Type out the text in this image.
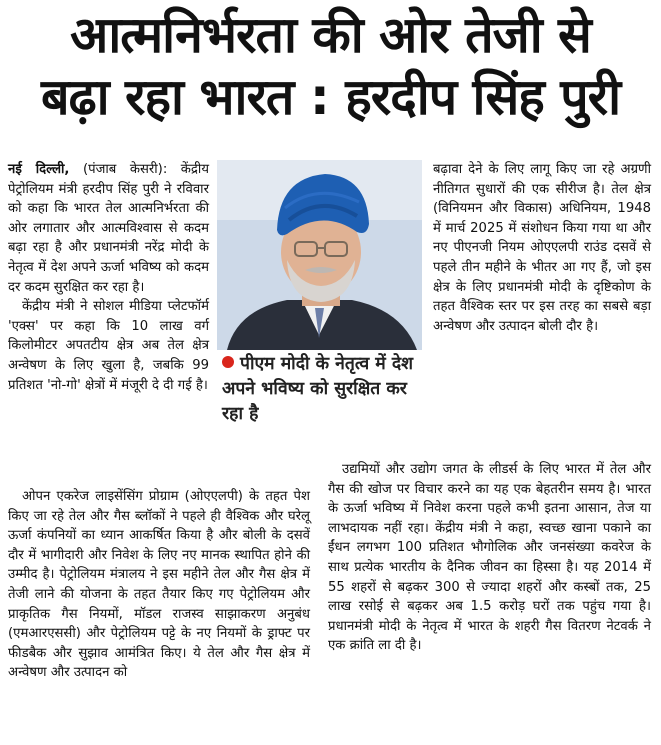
आत्मनिर्भरता की ओर तेजी से
बढ़ा रहा भारत : हरदीप सिंह पुरी

नई दिल्ली, (पंजाब केसरी): केंद्रीय पेट्रोलियम मंत्री हरदीप सिंह पुरी ने रविवार को कहा कि भारत तेल आत्मनिर्भरता की ओर लगातार और आत्मविश्वास से कदम बढ़ा रहा है और प्रधानमंत्री नरेंद्र मोदी के नेतृत्व में देश अपने ऊर्जा भविष्य को कदम दर कदम सुरक्षित कर रहा है।

केंद्रीय मंत्री ने सोशल मीडिया प्लेटफॉर्म 'एक्स' पर कहा कि 10 लाख वर्ग किलोमीटर अपतटीय क्षेत्र अब तेल क्षेत्र अन्वेषण के लिए खुला है, जबकि 99 प्रतिशत 'नो-गो' क्षेत्रों में मंजूरी दे दी गई है।

पीएम मोदी के नेतृत्व में देश अपने भविष्य को सुरक्षित कर रहा है

बढ़ावा देने के लिए लागू किए जा रहे अग्रणी नीतिगत सुधारों की एक सीरीज है। तेल क्षेत्र (विनियमन और विकास) अधिनियम, 1948 में मार्च 2025 में संशोधन किया गया था और नए पीएनजी नियम ओएएलपी राउंड दसवें से पहले तीन महीने के भीतर आ गए हैं, जो इस क्षेत्र के लिए प्रधानमंत्री मोदी के दृष्टिकोण के तहत वैश्विक स्तर पर इस तरह का सबसे बड़ा अन्वेषण और उत्पादन बोली दौर है।

ओपन एकरेज लाइसेंसिंग प्रोग्राम (ओएएलपी) के तहत पेश किए जा रहे तेल और गैस ब्लॉकों ने पहले ही वैश्विक और घरेलू ऊर्जा कंपनियों का ध्यान आकर्षित किया है और बोली के दसवें दौर में भागीदारी और निवेश के लिए नए मानक स्थापित होने की उम्मीद है। पेट्रोलियम मंत्रालय ने इस महीने तेल और गैस क्षेत्र में तेजी लाने की योजना के तहत तैयार किए गए पेट्रोलियम और प्राकृतिक गैस नियमों, मॉडल राजस्व साझाकरण अनुबंध (एमआरएससी) और पेट्रोलियम पट्टे के नए नियमों के ड्राफ्ट पर फीडबैक और सुझाव आमंत्रित किए। ये तेल और गैस क्षेत्र में अन्वेषण और उत्पादन को

उद्यमियों और उद्योग जगत के लीडर्स के लिए भारत में तेल और गैस की खोज पर विचार करने का यह एक बेहतरीन समय है। भारत के ऊर्जा भविष्य में निवेश करना पहले कभी इतना आसान, तेज या लाभदायक नहीं रहा। केंद्रीय मंत्री ने कहा, स्वच्छ खाना पकाने का ईंधन लगभग 100 प्रतिशत भौगोलिक और जनसंख्या कवरेज के साथ प्रत्येक भारतीय के दैनिक जीवन का हिस्सा है। यह 2014 में 55 शहरों से बढ़कर 300 से ज्यादा शहरों और कस्बों तक, 25 लाख रसोई से बढ़कर अब 1.5 करोड़ घरों तक पहुंच गया है। प्रधानमंत्री मोदी के नेतृत्व में भारत के शहरी गैस वितरण नेटवर्क ने एक क्रांति ला दी है।
